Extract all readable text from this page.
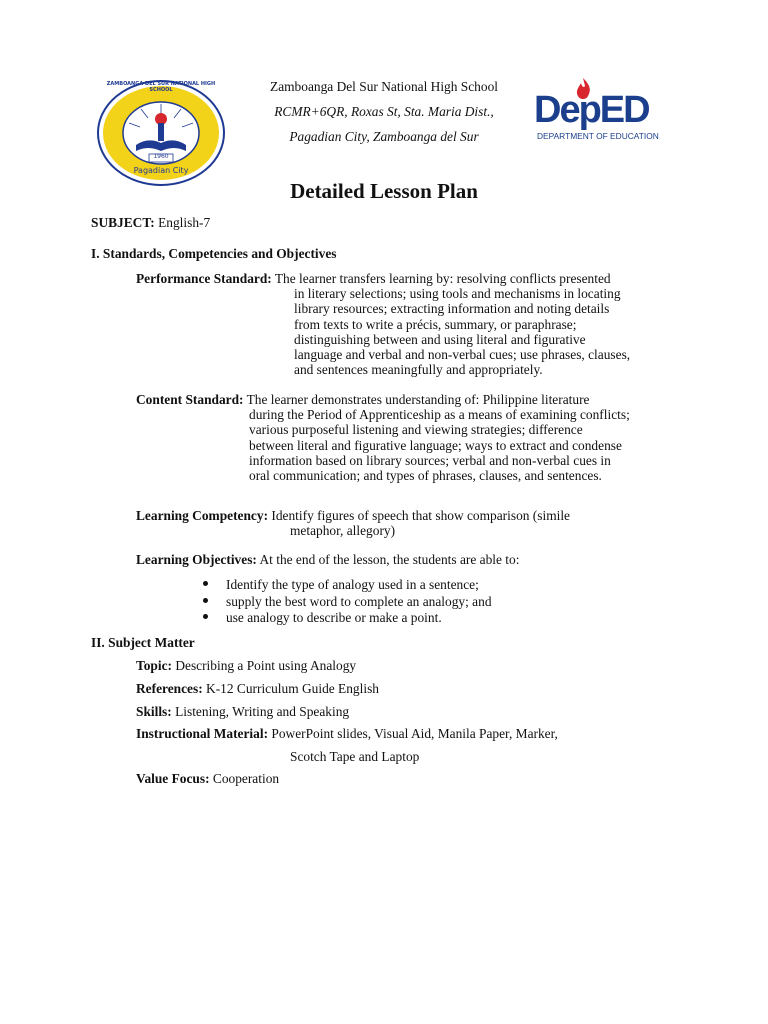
1960
Pagadian City
ZAMBOANGA DEL SUR NATIONAL HIGH SCHOOL	Zamboanga Del Sur National High School
RCMR+6QR, Roxas St, Sta. Maria Dist.,
Pagadian City, Zamboanga del Sur
DepED
DEPARTMENT OF EDUCATION
Detailed Lesson Plan
SUBJECT: English-7
I. Standards, Competencies and Objectives
Performance Standard: The learner transfers learning by: resolving conflicts presented
in literary selections; using tools and mechanisms in locating
library resources; extracting information and noting details
from texts to write a précis, summary, or paraphrase;
distinguishing between and using literal and figurative
language and verbal and non-verbal cues; use phrases, clauses,
and sentences meaningfully and appropriately.
Content Standard: The learner demonstrates understanding of: Philippine literature
during the Period of Apprenticeship as a means of examining conflicts;
various purposeful listening and viewing strategies; difference
between literal and figurative language; ways to extract and condense
information based on library sources; verbal and non-verbal cues in
oral communication; and types of phrases, clauses, and sentences.
Learning Competency: Identify figures of speech that show comparison (simile
metaphor, allegory)
Learning Objectives: At the end of the lesson, the students are able to:
Identify the type of analogy used in a sentence;
supply the best word to complete an analogy; and
use analogy to describe or make a point.
II. Subject Matter
Topic: Describing a Point using Analogy
References: K-12 Curriculum Guide English
Skills: Listening, Writing and Speaking
Instructional Material: PowerPoint slides, Visual Aid, Manila Paper, Marker,
Scotch Tape and Laptop
Value Focus: Cooperation
